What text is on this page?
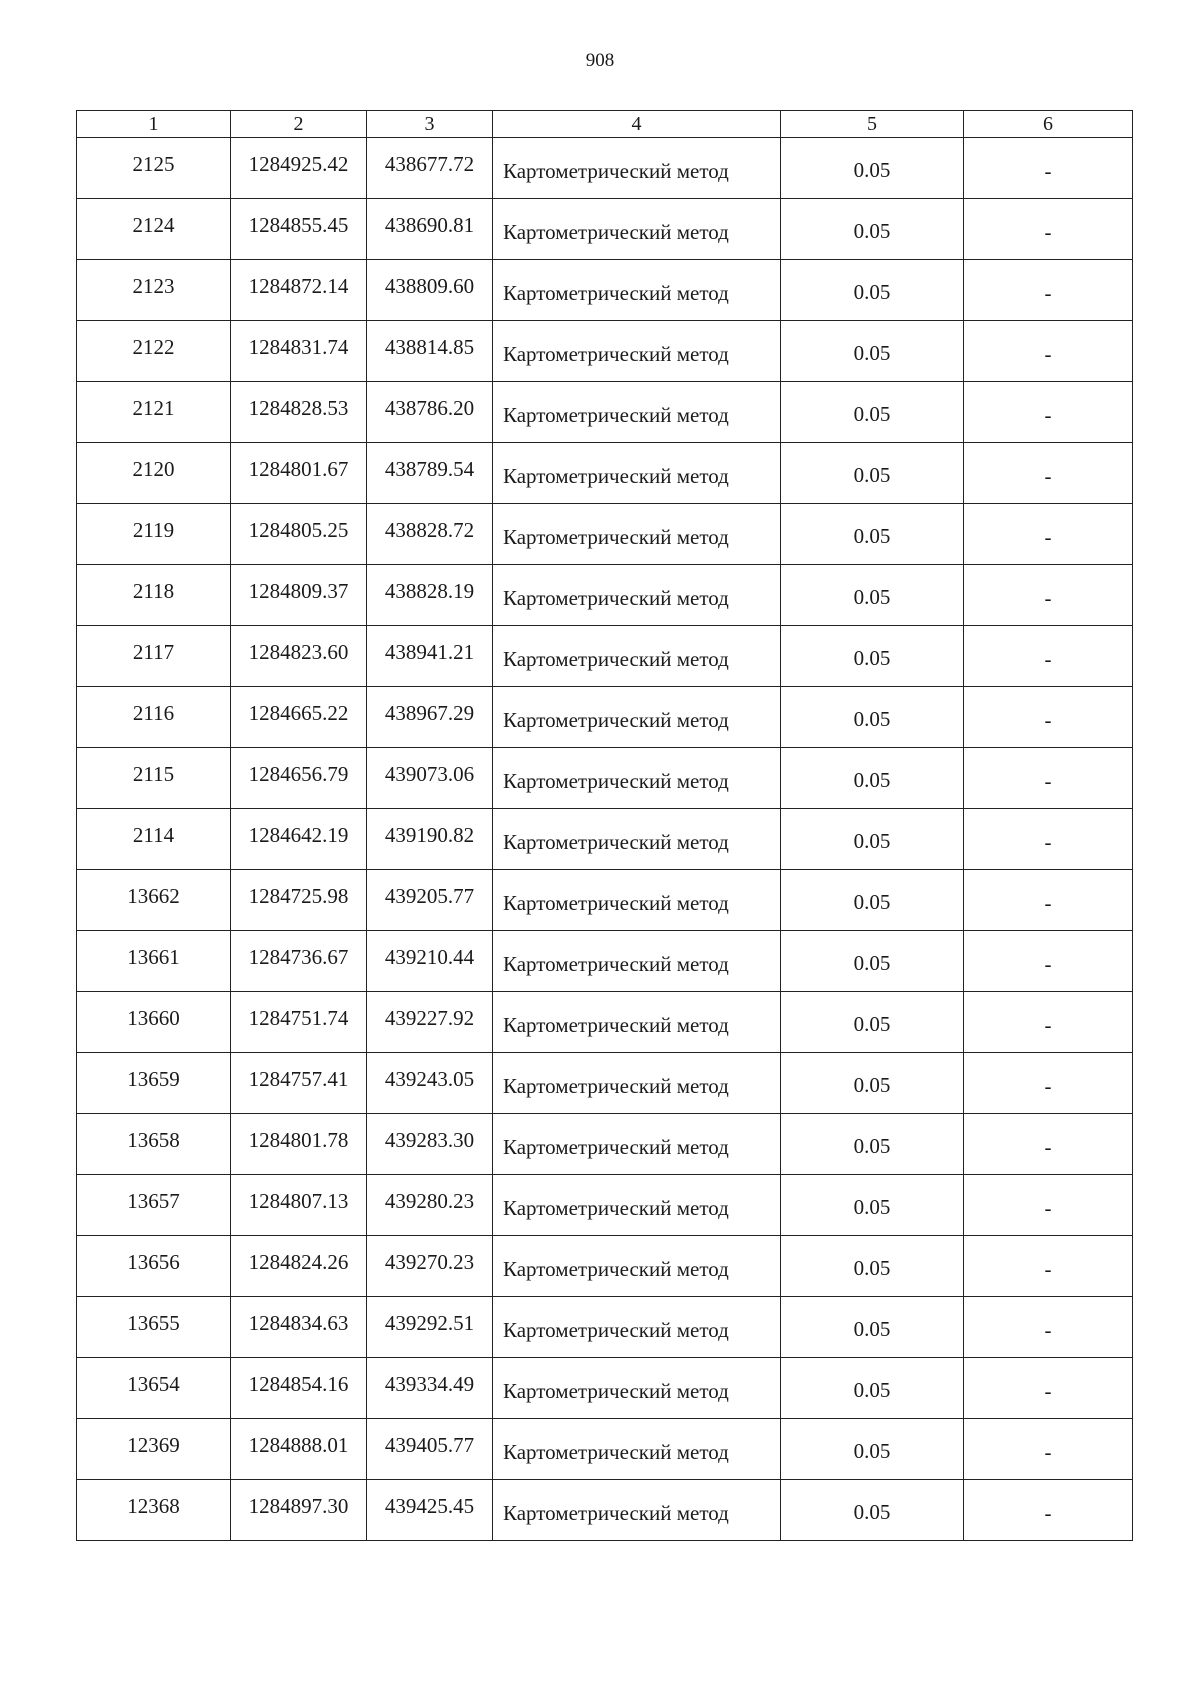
908
1	2	3	4	5	6
2125	1284925.42	438677.72	Картометрический метод	0.05	-
2124	1284855.45	438690.81	Картометрический метод	0.05	-
2123	1284872.14	438809.60	Картометрический метод	0.05	-
2122	1284831.74	438814.85	Картометрический метод	0.05	-
2121	1284828.53	438786.20	Картометрический метод	0.05	-
2120	1284801.67	438789.54	Картометрический метод	0.05	-
2119	1284805.25	438828.72	Картометрический метод	0.05	-
2118	1284809.37	438828.19	Картометрический метод	0.05	-
2117	1284823.60	438941.21	Картометрический метод	0.05	-
2116	1284665.22	438967.29	Картометрический метод	0.05	-
2115	1284656.79	439073.06	Картометрический метод	0.05	-
2114	1284642.19	439190.82	Картометрический метод	0.05	-
13662	1284725.98	439205.77	Картометрический метод	0.05	-
13661	1284736.67	439210.44	Картометрический метод	0.05	-
13660	1284751.74	439227.92	Картометрический метод	0.05	-
13659	1284757.41	439243.05	Картометрический метод	0.05	-
13658	1284801.78	439283.30	Картометрический метод	0.05	-
13657	1284807.13	439280.23	Картометрический метод	0.05	-
13656	1284824.26	439270.23	Картометрический метод	0.05	-
13655	1284834.63	439292.51	Картометрический метод	0.05	-
13654	1284854.16	439334.49	Картометрический метод	0.05	-
12369	1284888.01	439405.77	Картометрический метод	0.05	-
12368	1284897.30	439425.45	Картометрический метод	0.05	-
